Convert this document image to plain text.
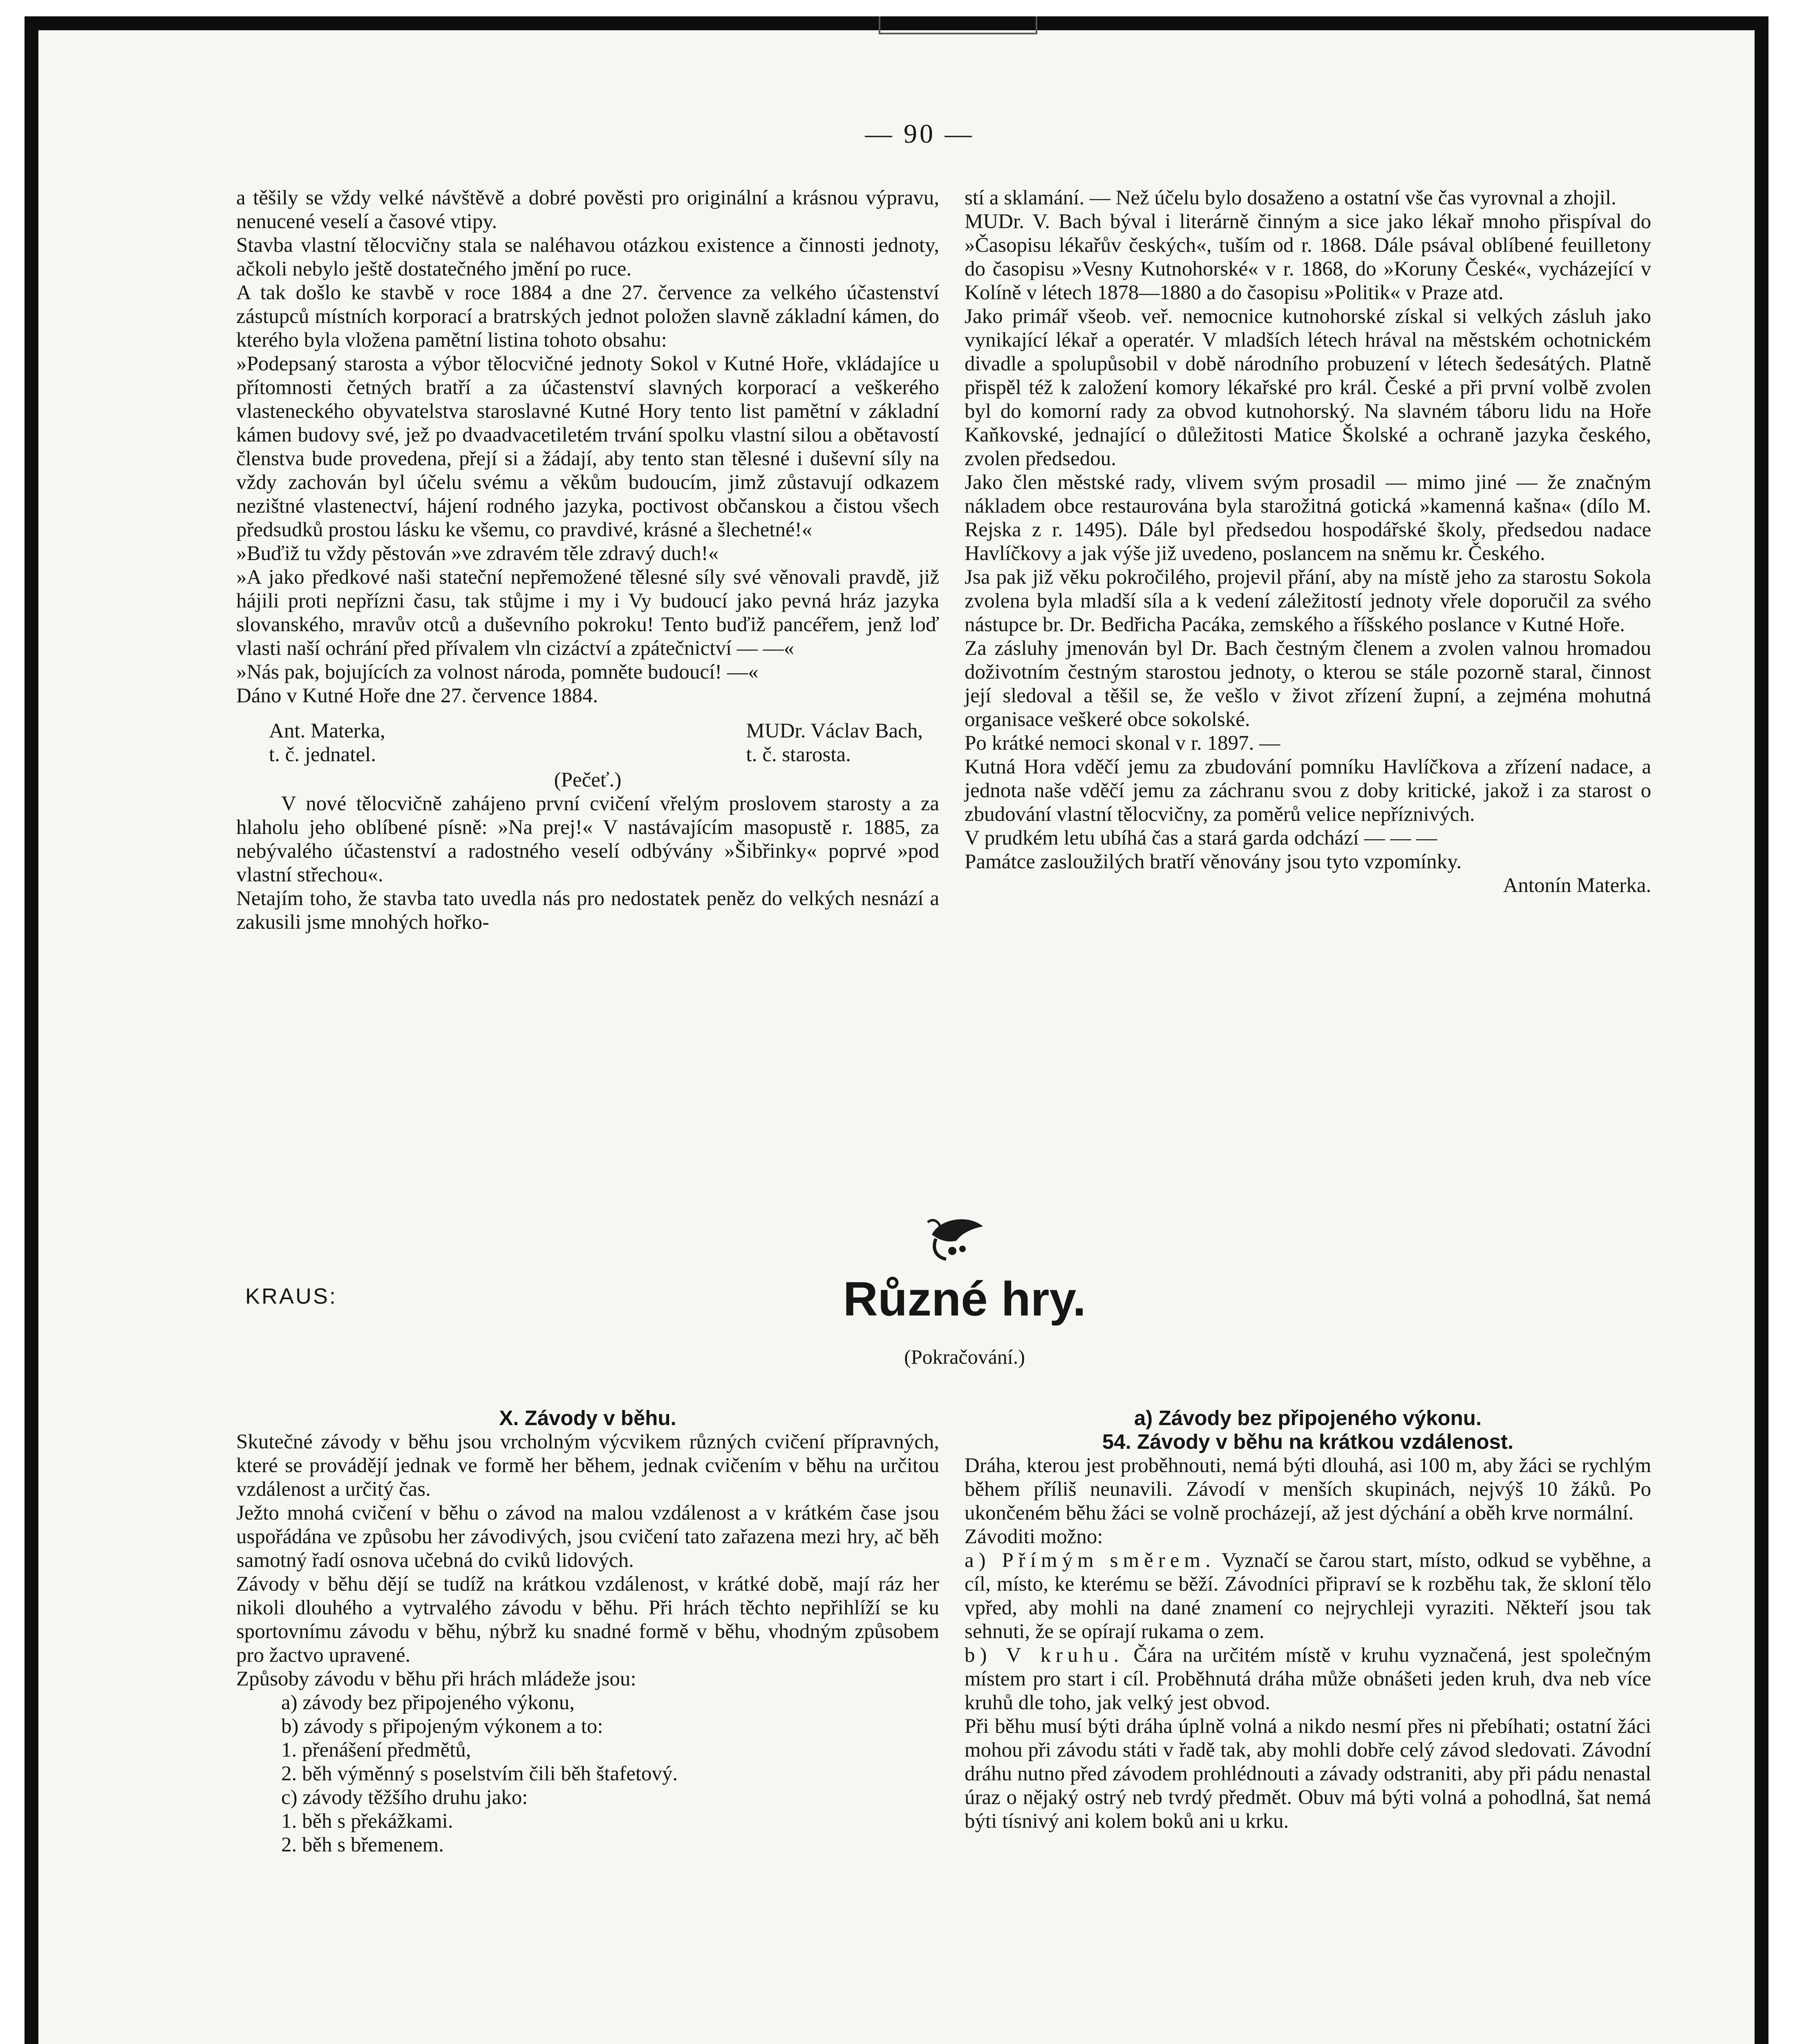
— 90 —

a těšily se vždy velké návštěvě a dobré pověsti pro originální a krásnou výpravu, nenucené veselí a časové vtipy.

Stavba vlastní tělocvičny stala se naléhavou otázkou existence a činnosti jednoty, ačkoli nebylo ještě dostatečného jmění po ruce.

A tak došlo ke stavbě v roce 1884 a dne 27. července za velkého účastenství zástupců místních korporací a bratrských jednot položen slavně základní kámen, do kterého byla vložena pamětní listina tohoto obsahu:

»Podepsaný starosta a výbor tělocvičné jednoty Sokol v Kutné Hoře, vkládajíce u přítomnosti četných bratří a za účastenství slavných korporací a veškerého vlasteneckého obyvatelstva staroslavné Kutné Hory tento list pamětní v základní kámen budovy své, jež po dvaadvacetiletém trvání spolku vlastní silou a obětavostí členstva bude provedena, přejí si a žádají, aby tento stan tělesné i duševní síly na vždy zachován byl účelu svému a věkům budoucím, jimž zůstavují odkazem nezištné vlastenectví, hájení rodného jazyka, poctivost občanskou a čistou všech předsudků prostou lásku ke všemu, co pravdivé, krásné a šlechetné!«

»Buďiž tu vždy pěstován »ve zdravém těle zdravý duch!«

»A jako předkové naši stateční nepřemožené tělesné síly své věnovali pravdě, již hájili proti nepřízni času, tak stůjme i my i Vy budoucí jako pevná hráz jazyka slovanského, mravův otců a duševního pokroku! Tento buďiž pancéřem, jenž loď vlasti naší ochrání před přívalem vln cizáctví a zpátečnictví — —«

»Nás pak, bojujících za volnost národa, pomněte budoucí! —«

Dáno v Kutné Hoře dne 27. července 1884.

Ant. Materka,
t. č. jednatel.
MUDr. Václav Bach,
t. č. starosta.
(Pečeť.)

V nové tělocvičně zahájeno první cvičení vřelým proslovem starosty a za hlaholu jeho oblíbené písně: »Na prej!« V nastávajícím masopustě r. 1885, za nebývalého účastenství a radostného veselí odbývány »Šibřinky« poprvé »pod vlastní střechou«.

Netajím toho, že stavba tato uvedla nás pro nedostatek peněz do velkých nesnází a zakusili jsme mnohých hořko-

stí a sklamání. — Než účelu bylo dosaženo a ostatní vše čas vyrovnal a zhojil.

MUDr. V. Bach býval i literárně činným a sice jako lékař mnoho přispíval do »Časopisu lékařův českých«, tuším od r. 1868. Dále psával oblíbené feuilletony do časopisu »Vesny Kutnohorské« v r. 1868, do »Koruny České«, vycházející v Kolíně v létech 1878—1880 a do časopisu »Politik« v Praze atd.

Jako primář všeob. veř. nemocnice kutnohorské získal si velkých zásluh jako vynikající lékař a operatér. V mladších létech hrával na městském ochotnickém divadle a spolupůsobil v době národního probuzení v létech šedesátých. Platně přispěl též k založení komory lékařské pro král. České a při první volbě zvolen byl do komorní rady za obvod kutnohorský. Na slavném táboru lidu na Hoře Kaňkovské, jednající o důležitosti Matice Školské a ochraně jazyka českého, zvolen předsedou.

Jako člen městské rady, vlivem svým prosadil — mimo jiné — že značným nákladem obce restaurována byla starožitná gotická »kamenná kašna« (dílo M. Rejska z r. 1495). Dále byl předsedou hospodářské školy, předsedou nadace Havlíčkovy a jak výše již uvedeno, poslancem na sněmu kr. Českého.

Jsa pak již věku pokročilého, projevil přání, aby na místě jeho za starostu Sokola zvolena byla mladší síla a k vedení záležitostí jednoty vřele doporučil za svého nástupce br. Dr. Bedřicha Pacáka, zemského a říšského poslance v Kutné Hoře.

Za zásluhy jmenován byl Dr. Bach čestným členem a zvolen valnou hromadou doživotním čestným starostou jednoty, o kterou se stále pozorně staral, činnost její sledoval a těšil se, že vešlo v život zřízení župní, a zejména mohutná organisace veškeré obce sokolské.

Po krátké nemoci skonal v r. 1897. —

Kutná Hora vděčí jemu za zbudování pomníku Havlíčkova a zřízení nadace, a jednota naše vděčí jemu za záchranu svou z doby kritické, jakož i za starost o zbudování vlastní tělocvičny, za poměrů velice nepříznivých.

V prudkém letu ubíhá čas a stará garda odchází — — —

Památce zasloužilých bratří věnovány jsou tyto vzpomínky.

Antonín Materka.

KRAUS:	Různé hry.
(Pokračování.)

X. Závody v běhu.

Skutečné závody v běhu jsou vrcholným výcvikem různých cvičení přípravných, které se provádějí jednak ve formě her během, jednak cvičením v běhu na určitou vzdálenost a určitý čas.

Ježto mnohá cvičení v běhu o závod na malou vzdálenost a v krátkém čase jsou uspořádána ve způsobu her závodivých, jsou cvičení tato zařazena mezi hry, ač běh samotný řadí osnova učebná do cviků lidových.

Závody v běhu dějí se tudíž na krátkou vzdálenost, v krátké době, mají ráz her nikoli dlouhého a vytrvalého závodu v běhu. Při hrách těchto nepřihlíží se ku sportovnímu závodu v běhu, nýbrž ku snadné formě v běhu, vhodným způsobem pro žactvo upravené.

Způsoby závodu v běhu při hrách mládeže jsou:

a) závody bez připojeného výkonu,

b) závody s připojeným výkonem a to:

1. přenášení předmětů,

2. běh výměnný s poselstvím čili běh štafetový.

c) závody těžšího druhu jako:

1. běh s překážkami.

2. běh s břemenem.

a) Závody bez připojeného výkonu.

54. Závody v běhu na krátkou vzdálenost.

Dráha, kterou jest proběhnouti, nemá býti dlouhá, asi 100 m, aby žáci se rychlým během příliš neunavili. Závodí v menších skupinách, nejvýš 10 žáků. Po ukončeném běhu žáci se volně procházejí, až jest dýchání a oběh krve normální.

Závoditi možno:

a) Přímým směrem. Vyznačí se čarou start, místo, odkud se vyběhne, a cíl, místo, ke kterému se běží. Závodníci připraví se k rozběhu tak, že skloní tělo vpřed, aby mohli na dané znamení co nejrychleji vyraziti. Někteří jsou tak sehnuti, že se opírají rukama o zem.

b) V kruhu. Čára na určitém místě v kruhu vyznačená, jest společným místem pro start i cíl. Proběhnutá dráha může obnášeti jeden kruh, dva neb více kruhů dle toho, jak velký jest obvod.

Při běhu musí býti dráha úplně volná a nikdo nesmí přes ni přebíhati; ostatní žáci mohou při závodu státi v řadě tak, aby mohli dobře celý závod sledovati. Závodní dráhu nutno před závodem prohlédnouti a závady odstraniti, aby při pádu nenastal úraz o nějaký ostrý neb tvrdý předmět. Obuv má býti volná a pohodlná, šat nemá býti tísnivý ani kolem boků ani u krku.
